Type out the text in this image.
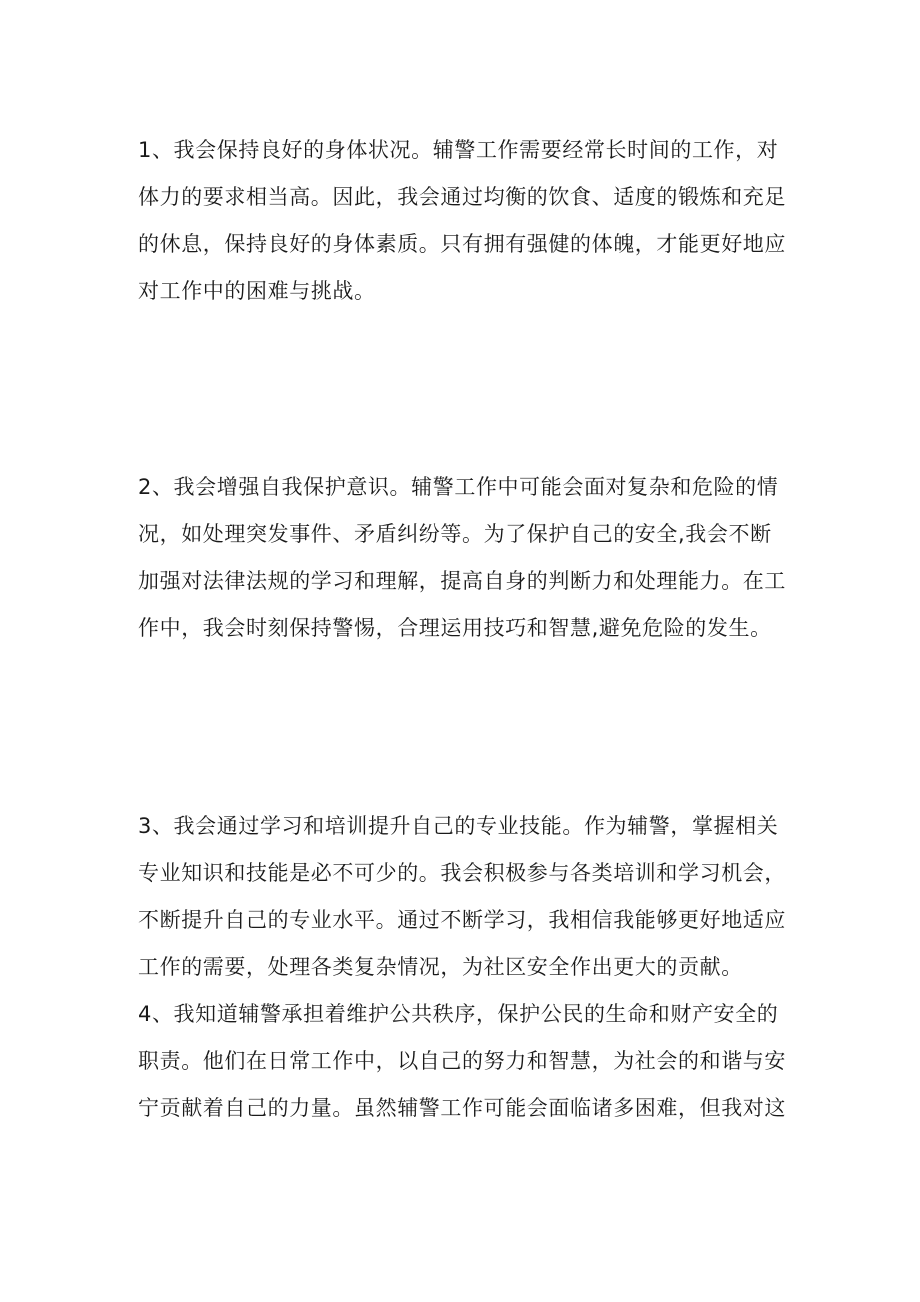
1、我会保持良好的身体状况。辅警工作需要经常长时间的工作，对
体力的要求相当高。因此，我会通过均衡的饮食、适度的锻炼和充足
的休息，保持良好的身体素质。只有拥有强健的体魄，才能更好地应
对工作中的困难与挑战。
2、我会增强自我保护意识。辅警工作中可能会面对复杂和危险的情
况，如处理突发事件、矛盾纠纷等。为了保护自己的安全,我会不断
加强对法律法规的学习和理解，提高自身的判断力和处理能力。在工
作中，我会时刻保持警惕，合理运用技巧和智慧,避免危险的发生。
3、我会通过学习和培训提升自己的专业技能。作为辅警，掌握相关
专业知识和技能是必不可少的。我会积极参与各类培训和学习机会，
不断提升自己的专业水平。通过不断学习，我相信我能够更好地适应
工作的需要，处理各类复杂情况，为社区安全作出更大的贡献。
4、我知道辅警承担着维护公共秩序，保护公民的生命和财产安全的
职责。他们在日常工作中，以自己的努力和智慧，为社会的和谐与安
宁贡献着自己的力量。虽然辅警工作可能会面临诸多困难，但我对这
